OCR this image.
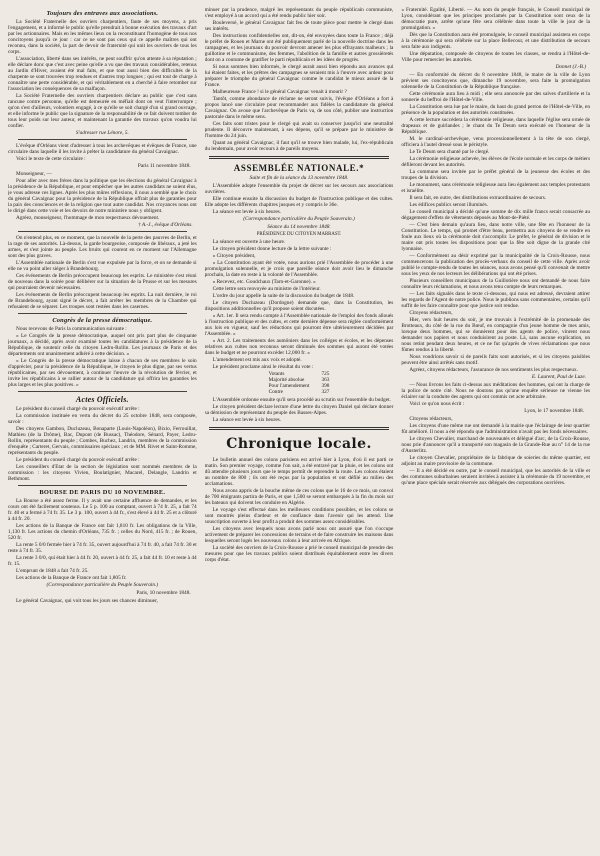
Toujours des entraves aux associations.

La Société Fraternelle des ouvriers charpentiers, faute de ses moyens, a pris l'engagement, et a informé le public qu'elle prendrait à bonne exécution des travaux d'art par les actionnaires. Mais en les mêmes lieux on la reconstituant l'homogène de tous nos concitoyens jusqu'à ce jour : car ce ne sont pas ceux qui ce appelle maîtres qui ont reconnu, dans la société, la part de devoir de fraternité qui unit les ouvriers de tous les corps.

L'association, liberté dans ses intérêts, ne peut souffrir qu'on attente à sa réputation ; elle déclare donc que c'est avec peine qu'elle a vu que des travaux considérables, retenus au Jardin d'Hiver, avaient été mal faits, et que tout aussi bien des difficultés de la charpente se sont trouvées trop rendues et d'autres trop longues ; qui est tout de charge à connaître une perte considérable, et qui véritablement en a cherché à faire retomber sur l'association les conséquences de sa malfaçon.

La Société Fraternelle des ouvriers charpentiers déclare au public que c'est sans rancune contre personne, qu'elle est demeurée en méfiait dont on veut l'interrompre ; qu'on s'est d'ailleurs, volontiers engagé, à ce qu'elle se soit chargé d'un si grand ouvrage, et elle informe le public que la signature de la responsabilité de ce fait doivent tomber de tous leur poids sur leur auteur, et maintenant la garantie des travaux qu'on voudra lui confier.

S'adresser rue Lénore, 5.

L'évêque d'Orléans vient d'adresser à tous les archevêques et évêques de France, une circulaire dans laquelle il les invite à prêter la candidature du général Cavaignac.

Voici le texte de cette circulaire :

Paris 11 novembre 1848.

Monseigneur, —

Pour aller avec mes frères dans la politique que les élections du général Cavaignac à la présidence de la République, et pour empêcher que les autres candidats ne soient élus, je vous adresse ces lignes. Après les plus mûres réflexions, il nous a semblé que le choix du général Cavaignac pour la présidence de la République offrait plus de garanties pour la paix des consciences et de la religion que tout autre candidat. Nos croyances nous ont le dirigé dans cette voie et les devoirs de notre ministère nous y obligent.

Agréez, monseigneur, l'hommage de mon respectueux dévouement.

† A.-J., évêque d'Orléans.

On n'entend plus, en ce moment, que la nouvelle de la perte des pauvres de Berlin, et la rage de ses autorités. Là-dessus, la garde bourgeoise, composée de libéraux, a jeté les armes, et s'est jointe au peuple. Les bruits qui courent en ce moment sur l'Allemagne sont des plus graves.

L'Assemblée nationale de Berlin s'est vue expulsée par la force, et on se demande si elle ne va point aller siéger à Brandebourg.

Ces événements de Berlin préoccupent beaucoup les esprits. Le ministère s'est réuni de nouveau dans la soirée pour délibérer sur la situation de la Prusse et sur les mesures qui pourraient devenir nécessaires.

Les événements de Berlin préoccupent beaucoup les esprits. La nuit dernière, le roi de Brandebourg, ayant signé le décret, a fait arrêter les membres de la Chambre qui refusaient de se séparer. Les troupes sont restées dans les casernes.

Congrès de la presse démocratique.

Nous recevons de Paris la communication suivante :

« Le Congrès de la presse démocratique, auquel ont pris part plus de cinquante journaux, a décidé, après avoir examiné toutes les candidatures à la présidence de la République, de soutenir celle du citoyen Ledru-Rollin. Les journaux de Paris et des départements ont unanimement adhéré à cette décision. »

« Le Congrès de la presse démocratique laisse à chacun de ses membres le soin d'apprécier, pour la présidence de la République, le citoyen le plus digne, par ses vertus républicaines, par ses dévouement, à continuer l'œuvre de la révolution de février, et invite les républicains à se rallier autour de la candidature qui offrira les garanties les plus larges et les plus positives. »

Actes Officiels.

Le président du conseil chargé du pouvoir exécutif arrête :

La commission instituée en vertu du décret du 25 octobre 1848, sera composée, savoir :

Des citoyens Gambon, Ducluzeau, Bonaparte (Louis-Napoléon), Bixio, Ferrouillat, Mathieu (de la Drôme), Bac, Dupont (de Bussac), Théodore, Sénard, Payer, Ledru-Rollin, représentants du peuple ; Combes, Buchez, Landrin, membres de la commission d'enquête ; Carteret, Gervais, commissaires spéciaux ; et de MM. Rivet et Saint-Romme, représentants du peuple.

Le président du conseil chargé du pouvoir exécutif arrête :

Les conseillers d'Etat de la section de législation sont nommés membres de la commission : les citoyens Vivien, Boulatignier, Macarel, Delangle, Landrin et Bethmont.

BOURSE DE PARIS DU 10 NOVEMBRE.

La Bourse a été assez ferme. Il y avait une certaine affluence de demandes, et les cours ont été facilement soutenus. Le 5 p. 100 au comptant, ouvert à 74 fr. 25, a fait 74 fr. 40 et a fermé à 74 fr. 35. Le 3 p. 100, ouvert à 44 fr., s'est élevé à 44 fr. 25 et a clôturé à 44 fr. 20.

Les actions de la Banque de France ont fait 1,810 fr. Les obligations de la Ville, 1,130 fr. Les actions du chemin d'Orléans, 735 fr. ; celles du Nord, 415 fr. ; de Rouen, 520 fr.

La rente 5 0/0 fermée hier à 74 fr. 35, ouvert aujourd'hui à 74 fr. 40, a fait 74 fr. 30 et reste à 74 fr. 35.

La rente 3 0/0, qui était hier à 44 fr. 20, ouvert à 44 fr. 25, a fait 44 fr. 10 et reste à 44 fr. 15.

L'emprunt de 1848 a fait 74 fr. 25.

Les actions de la Banque de France ont fait 1,805 fr.

(Correspondance particulière du Peuple Souverain.)
Paris, 10 novembre 1848.

Le général Cavaignac, qui voit tous les jours ses chances diminuer,

minuer par la prudence, malgré les représentants du peuple républicain communiste, s'est employé à un accord qui a été rendu public hier soir.

Bouleversé, le général Cavaignac fait feu de toute pièce pour mettre le clergé dans ses intérêts.

Des instructions confidentielles ont, dit-on, été envoyées dans toute la France ; déjà le préfet de Rouen et Marne ont été publiquement parlé de la nouvelle doctrine dans les campagnes, et les journaux du pouvoir devront amener les plus effrayants malheurs ; la guillotine et le communisme, des femmes, l'abolition de la famille et autres grossièretés dont on a coutume de gratifier le parti républicain et les idées de progrès.

Si nous sommes bien informés, le clergé aurait aussi bien répondu aux avances qui lui étaient faites, et les prêtres des campagnes se seraient mis à l'œuvre avec ardeur pour préparer le triomphe du général Cavaignac comme le candidat le mieux assuré de la France.

Malheureuse France ! si le général Cavaignac venait à mourir ?

Tantôt, comme abondance de réclame ne seront suivis, l'évêque d'Orléans a fort à propos lancé une circulaire pour recommander aux fidèles la candidature du général Cavaignac. On avoue que l'archevêque de Paris va, de son côté, publier une instruction pastorale dans le même sens.

Ces faits sont tristes pour le clergé qui avait su conserver jusqu'ici une neutralité prudente. Il découvre maintenant, à ses dépens, qu'il se prépare par le ministère de l'homme du 24 juin.

Quant au général Cavaignac, il faut qu'il se trouve bien malade, lui, l'ex-républicain du lendemain, pour avoir recours à de pareils moyens.

ASSEMBLÉE NATIONALE.*
Suite et fin de la séance du 13 novembre 1848.

L'Assemblée adopte l'ensemble du projet de décret sur les secours aux associations ouvrières.

Elle continue ensuite la discussion du budget de l'instruction publique et des cultes. Elle adopte les différents chapitres jusques et y compris le 36e.

La séance est levée à six heures.

(Correspondance particulière du Peuple Souverain.)
Séance du 14 novembre 1848.
PRÉSIDENCE DU CITOYEN MARRAST.

La séance est ouverte à une heure.

Le citoyen président donne lecture de la lettre suivante :

« Citoyen président,

« La Constitution ayant été votée, nous aurions prié l'Assemblée de procéder à une promulgation solennelle, et je crois que pareille séance doit avoir lieu le dimanche prochain, la date en reste à la volonté de l'Assemblée.

« Recevez, etc. Goudchaux (Tarn-et-Garonne). »

Cette lettre sera renvoyée au ministre de l'intérieur.

L'ordre du jour appelle la suite de la discussion du budget de 1848.

Le citoyen Ducluzeau (Dordogne) demande que, dans la Constitution, les dispositions additionnelles qu'il propose soient discutées.

« Art. 1er. Il sera rendu compte à l'Assemblée nationale de l'emploi des fonds alloués à l'instruction publique et des cultes, et cette dernière dépense sera réglée conformément aux lois en vigueur, sauf les réductions qui pourront être ultérieurement décidées par l'Assemblée. »

« Art. 2. Les traitements des aumôniers dans les colléges et écoles, et les dépenses relatives aux cultes non reconnus seront diminués des sommes qui auront été votées dans le budget et ne pourront excéder 12,000 fr. »

L'amendement est mis aux voix et adopté.

Le président proclame ainsi le résultat du vote :

Votants	725
Majorité absolue	363
Pour l'amendement	398
Contre	327

L'Assemblée ordonne ensuite qu'il sera procédé au scrutin sur l'ensemble du budget.

Le citoyen président déclare lecture d'une lettre du citoyen Daniel qui déclare donner sa démission de représentant du peuple des Basses-Alpes.

La séance est levée à six heures.

Chronique locale.

Le bulletin annuel des colons parisiens est arrivé hier à Lyon, d'où il est parti ce matin. Son premier voyage, comme l'on sait, a été entravé par la pluie, et les colons ont dû attendre plusieurs jours que le temps permît de reprendre la route. Les colons étaient au nombre de 800 ; ils ont été reçus par la population et ont défilé au milieu des acclamations.

Nous avons appris de la bouche même de ces colons que le 16 de ce mois, un convoi de 700 émigrants partira de Paris, et que 1,500 se seront embarqués à la fin du mois sur les bateaux qui doivent les conduire en Algérie.

Le voyage s'est effectué dans les meilleures conditions possibles, et les colons se sont montrés pleins d'ardeur et de confiance dans l'avenir qui les attend. Une souscription ouverte à leur profit a produit des sommes assez considérables.

Les citoyens avec lesquels nous avons parlé nous ont assuré que l'on s'occupe activement de préparer les concessions de terrains et de faire construire les maisons dans lesquelles seront logés les nouveaux colons à leur arrivée en Afrique.

La société des ouvriers de la Croix-Rousse a prié le conseil municipal de prendre des mesures pour que les travaux publics soient distribués équitablement entre les divers corps d'état.

« Fraternité. Égalité, Liberté. — Au nom du peuple français, le Conseil municipal de Lyon, considérant que les principes proclamés par la Constitution sont ceux de la démocratie pure, arrête qu'une fête sera célébrée dans toute la ville le jour de la promulgation. »

Dès que la Constitution aura été promulguée, le conseil municipal assistera en corps à la cérémonie qui sera célébrée sur la place Bellecour, et une distribution de secours sera faite aux indigents.

Une députation, composée de citoyens de toutes les classes, se rendra à l'Hôtel-de-Ville pour remercier les autorités.

Donnet (J.-B.)

— En conformité du décret du 8 novembre 1848, le maire de la ville de Lyon prévient ses concitoyens que, dimanche 19 novembre, sera faite la promulgation solennelle de la Constitution de la République française.

Cette cérémonie aura lieu à midi ; elle sera annoncée par des salves d'artillerie et la sonnerie du beffroi de l'Hôtel-de-Ville.

La Constitution sera lue par le maire, du haut du grand perron de l'Hôtel-de-Ville, en présence de la population et des autorités constituées.

A cette lecture succédera la cérémonie religieuse, dans laquelle l'église sera ornée de drapeaux et de guirlandes ; le chant du Te Deum sera exécuté en l'honneur de la République.

M. le cardinal-archevêque, venu processionnellement à la tête de son clergé, officiera à l'autel dressé sous le péristyle.

Le Te Deum sera chanté par le clergé.

La cérémonie religieuse achevée, les élèves de l'école normale et les corps de métiers défileront devant les autorités.

La commune sera invitée par le préfet général de la jeunesse des écoles et des troupes de la division.

Le monument, sans cérémonie religieuse aura lieu également aux temples protestants et israélite.

Il sera fait, en outre, des distributions extraordinaires de secours.

Les édifices publics seront illuminés.

Le conseil municipal a décidé qu'une somme de dix mille francs serait consacrée au dégagement d'effets de vêtements déposés au Mont-de-Piété.

— C'est bien demain qu'aura lieu, dans notre ville, une fête en l'honneur de la Constitution. Le temps, qui promet d'être beau, permettra aux citoyens de se rendre en foule aux lieux où la cérémonie doit s'accomplir. Le préfet, le général de division et le maire ont pris toutes les dispositions pour que la fête soit digne de la grande cité lyonnaise.

— Conformément au désir exprimé par la municipalité de la Croix-Rousse, nous commencerons la publication des procès-verbaux du conseil de cette ville. Après avoir publié le compte-rendu de toutes les séances, nous avons pensé qu'il convenait de mettre sous les yeux de nos lecteurs les délibérations qui ont été prises.

Plusieurs conseillers municipaux de la Guillotière nous ont demandé de nous faire connaître leurs réclamations, et nous avons tenu compte de leurs remarques.

— Les faits signalés dans le texte ci-dessous, qui nous est adressé, devraient attirer les regards de l'Agent de notre police. Nous le publions sans commentaires, certains qu'il suffit de les faire connaître pour que justice soit rendue.

Citoyens rédacteurs,

Hier, vers huit heures du soir, je me trouvais à l'extrémité de la promenade des Brotteaux, du côté de la rue du Bœuf, en compagnie d'un jeune homme de mes amis, lorsque deux hommes, qui se donnèrent pour des agents de police, vinrent nous demander nos papiers et nous conduisirent au poste. Là, sans aucune explication, on nous retint pendant deux heures, et ce ne fut qu'après de vives réclamations que nous fûmes rendus à la liberté.

Nous voudrions savoir si de pareils faits sont autorisés, et si les citoyens paisibles peuvent être ainsi arrêtés sans motif.

Agréez, citoyens rédacteurs, l'assurance de nos sentiments les plus respectueux.

E. Laurent, Paul de Luze.

— Nous livrons les faits ci-dessus aux méditations des hommes, qui ont la charge de la police de notre cité. Nous ne doutons pas qu'une enquête sérieuse ne vienne les éclairer sur la conduite des agents qui ont commis cet acte arbitraire.

Voici ce qu'on nous écrit :

Lyon, le 17 novembre 1848.

Citoyens rédacteurs,

Les citoyens d'une même rue ont demandé à la mairie que l'éclairage de leur quartier fût amélioré. Il nous a été répondu que l'administration n'avait pas les fonds nécessaires.

Le citoyen Chevalier, marchand de nouveautés et délégué d'arc, de la Croix-Rousse, nous prie d'annoncer qu'il a transporté son magasin de la Grande-Rue au n° 14 de la rue d'Austerlitz.

Le citoyen Chevalier, propriétaire de la fabrique de soieries du même quartier, est adjoint au maire provisoire de la commune.

— Il a été décidé en outre, par le conseil municipal, que les autorités de la ville et des communes suburbaines seraient invitées à assister à la cérémonie du 19 novembre, et qu'une place spéciale serait réservée aux délégués des corporations ouvrières.
